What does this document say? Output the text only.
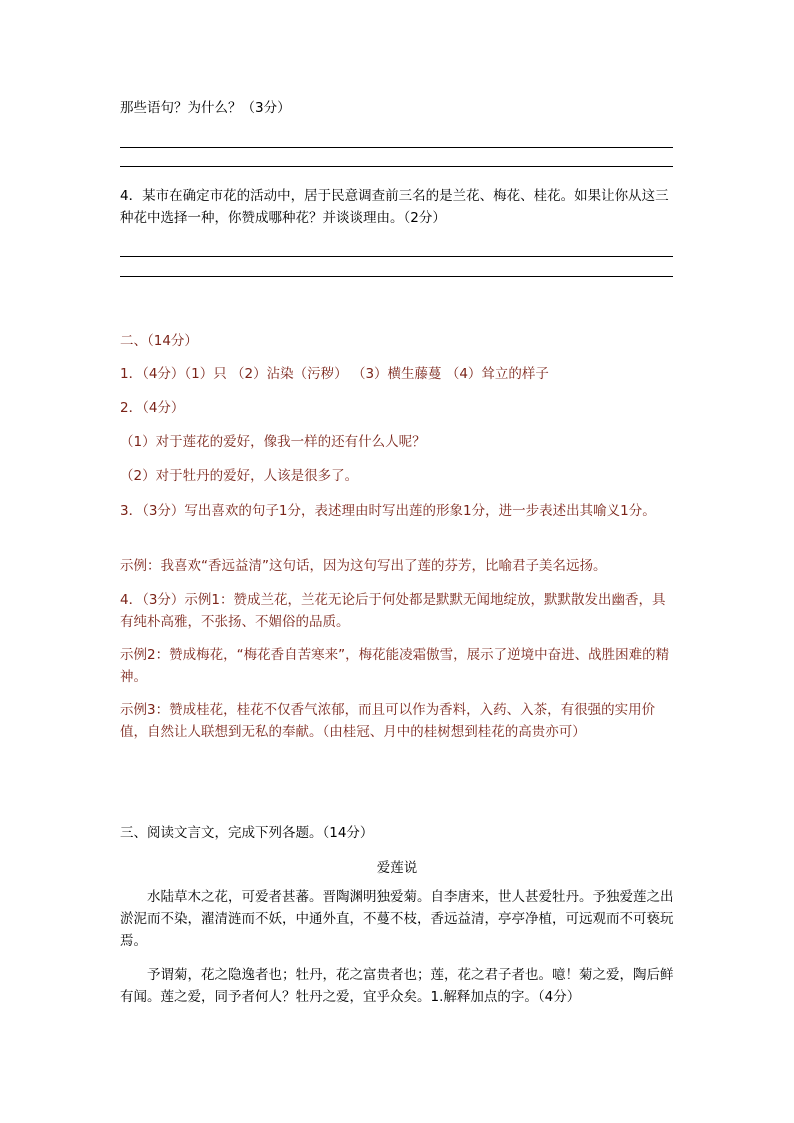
那些语句？为什么？（3分）

4．某市在确定市花的活动中，居于民意调查前三名的是兰花、梅花、桂花。如果让你从这三种花中选择一种，你赞成哪种花？并谈谈理由。（2分）

二、（14分）

1．（4分）（1）只 （2）沾染（污秽） （3）横生藤蔓 （4）耸立的样子

2．（4分）

（1）对于莲花的爱好，像我一样的还有什么人呢？

（2）对于牡丹的爱好，人该是很多了。

3．（3分）写出喜欢的句子1分，表述理由时写出莲的形象1分，进一步表述出其喻义1分。

示例：我喜欢“香远益清”这句话，因为这句写出了莲的芬芳，比喻君子美名远扬。

4．（3分）示例1：赞成兰花，兰花无论后于何处都是默默无闻地绽放，默默散发出幽香，具有纯朴高雅，不张扬、不媚俗的品质。

示例2：赞成梅花，“梅花香自苦寒来”，梅花能凌霜傲雪，展示了逆境中奋进、战胜困难的精神。

示例3：赞成桂花，桂花不仅香气浓郁，而且可以作为香料，入药、入茶，有很强的实用价值，自然让人联想到无私的奉献。（由桂冠、月中的桂树想到桂花的高贵亦可）

三、阅读文言文，完成下列各题。（14分）

爱莲说

水陆草木之花，可爱者甚蕃。晋陶渊明独爱菊。自李唐来，世人甚爱牡丹。予独爱莲之出淤泥而不染，濯清涟而不妖，中通外直，不蔓不枝，香远益清，亭亭净植，可远观而不可亵玩焉。

予谓菊，花之隐逸者也；牡丹，花之富贵者也；莲，花之君子者也。噫！菊之爱，陶后鲜有闻。莲之爱，同予者何人？牡丹之爱，宜乎众矣。1.解释加点的字。（4分）
